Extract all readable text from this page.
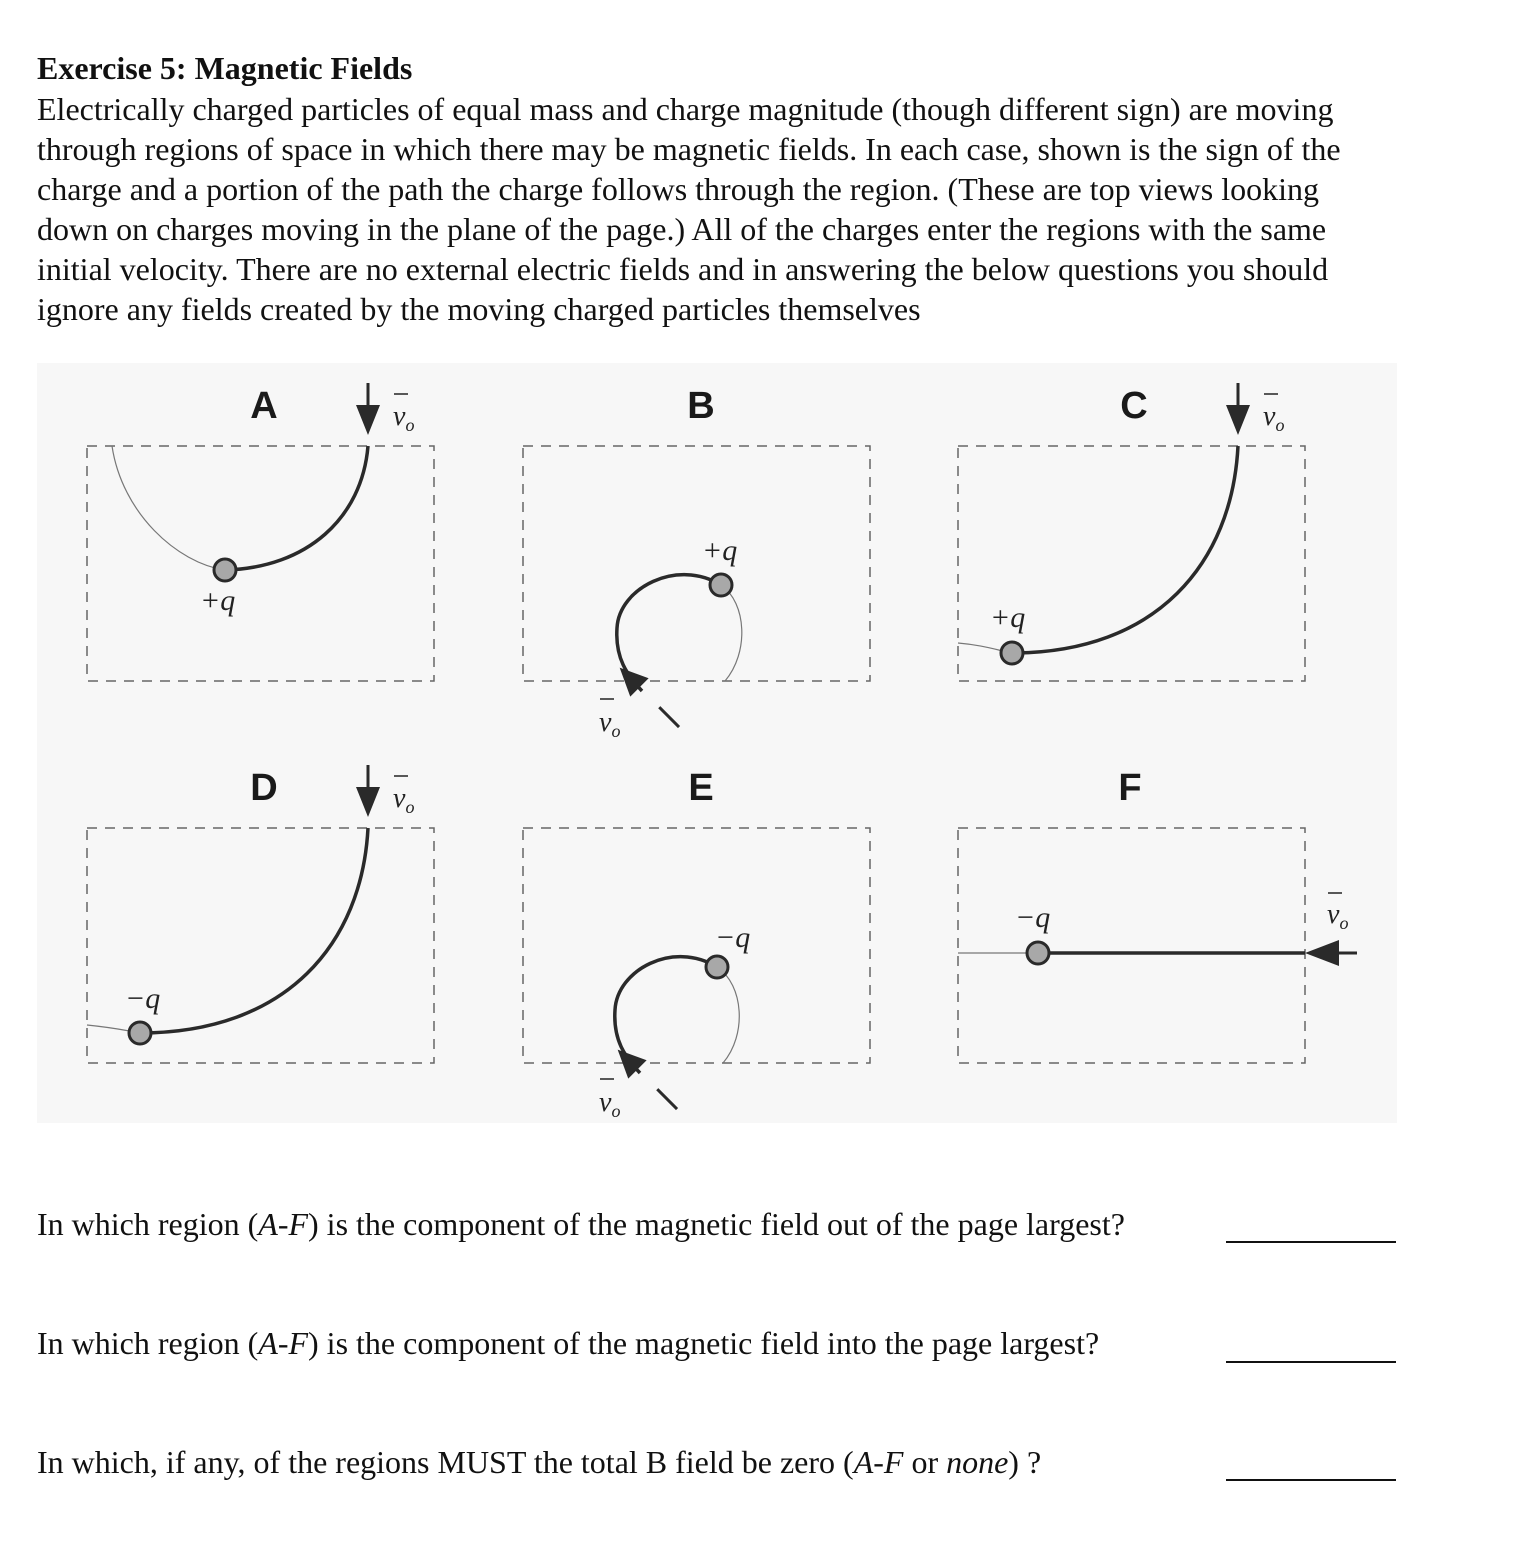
Exercise 5: Magnetic Fields
Electrically charged particles of equal mass and charge magnitude (though different sign) are moving
through regions of space in which there may be magnetic fields. In each case, shown is the sign of the
charge and a portion of the path the charge follows through the region. (These are top views looking
down on charges moving in the plane of the page.) All of the charges enter the regions with the same
initial velocity. There are no external electric fields and in answering the below questions you should
ignore any fields created by the moving charged particles themselves
A	$v_o$
+q
B
$v_o$
+q
C	$v_o$
+q
D	$v_o$
−q
E
$v_o$
−q
F
$v_o$
−q
In which region (A-F) is the component of the magnetic field out of the page largest?
In which region (A-F) is the component of the magnetic field into the page largest?
In which, if any, of the regions MUST the total B field be zero (A-F or none) ?
